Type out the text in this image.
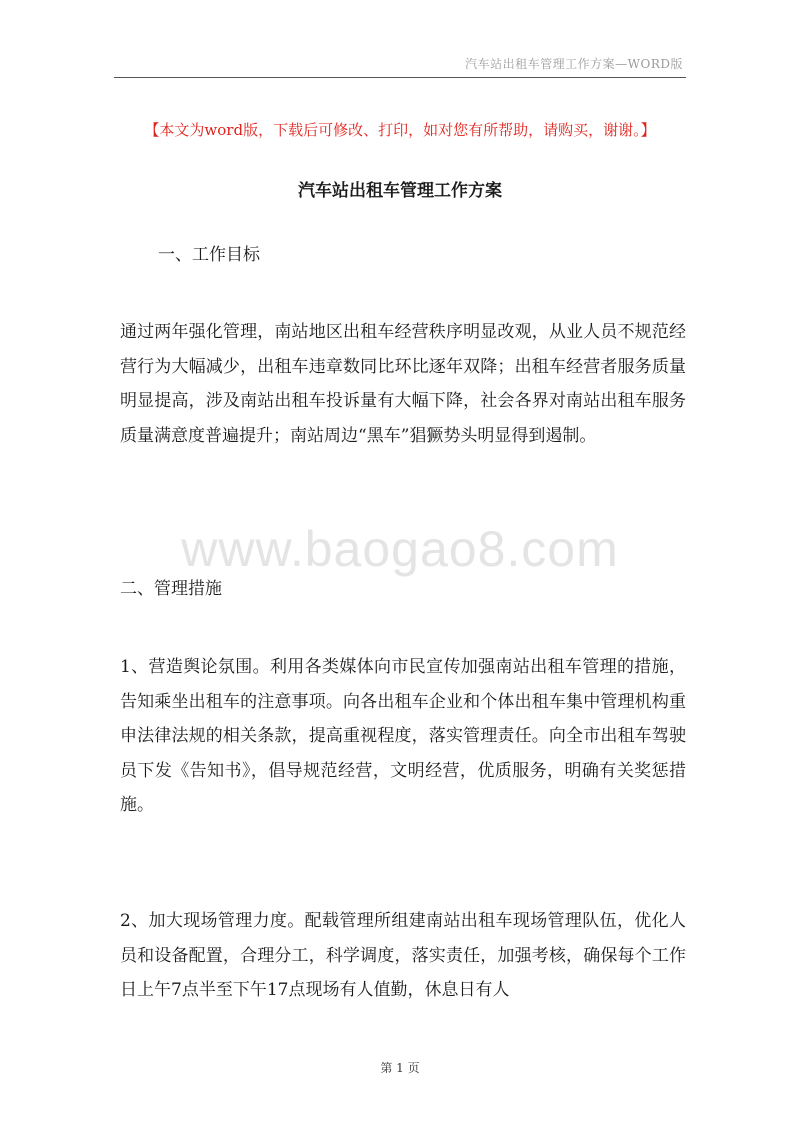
汽车站出租车管理工作方案—WORD版
【本文为word版，下载后可修改、打印，如对您有所帮助，请购买，谢谢。】
汽车站出租车管理工作方案
一、工作目标
通过两年强化管理，南站地区出租车经营秩序明显改观，从业人员不规范经营行为大幅减少，出租车违章数同比环比逐年双降；出租车经营者服务质量明显提高，涉及南站出租车投诉量有大幅下降，社会各界对南站出租车服务质量满意度普遍提升；南站周边“黑车”猖獗势头明显得到遏制。
www.baogao8.com
二、管理措施
1、营造舆论氛围。利用各类媒体向市民宣传加强南站出租车管理的措施，告知乘坐出租车的注意事项。向各出租车企业和个体出租车集中管理机构重申法律法规的相关条款，提高重视程度，落实管理责任。向全市出租车驾驶员下发《告知书》，倡导规范经营，文明经营，优质服务，明确有关奖惩措施。
2、加大现场管理力度。配载管理所组建南站出租车现场管理队伍，优化人员和设备配置，合理分工，科学调度，落实责任，加强考核，确保每个工作日上午7点半至下午17点现场有人值勤，休息日有人
第 1 页
